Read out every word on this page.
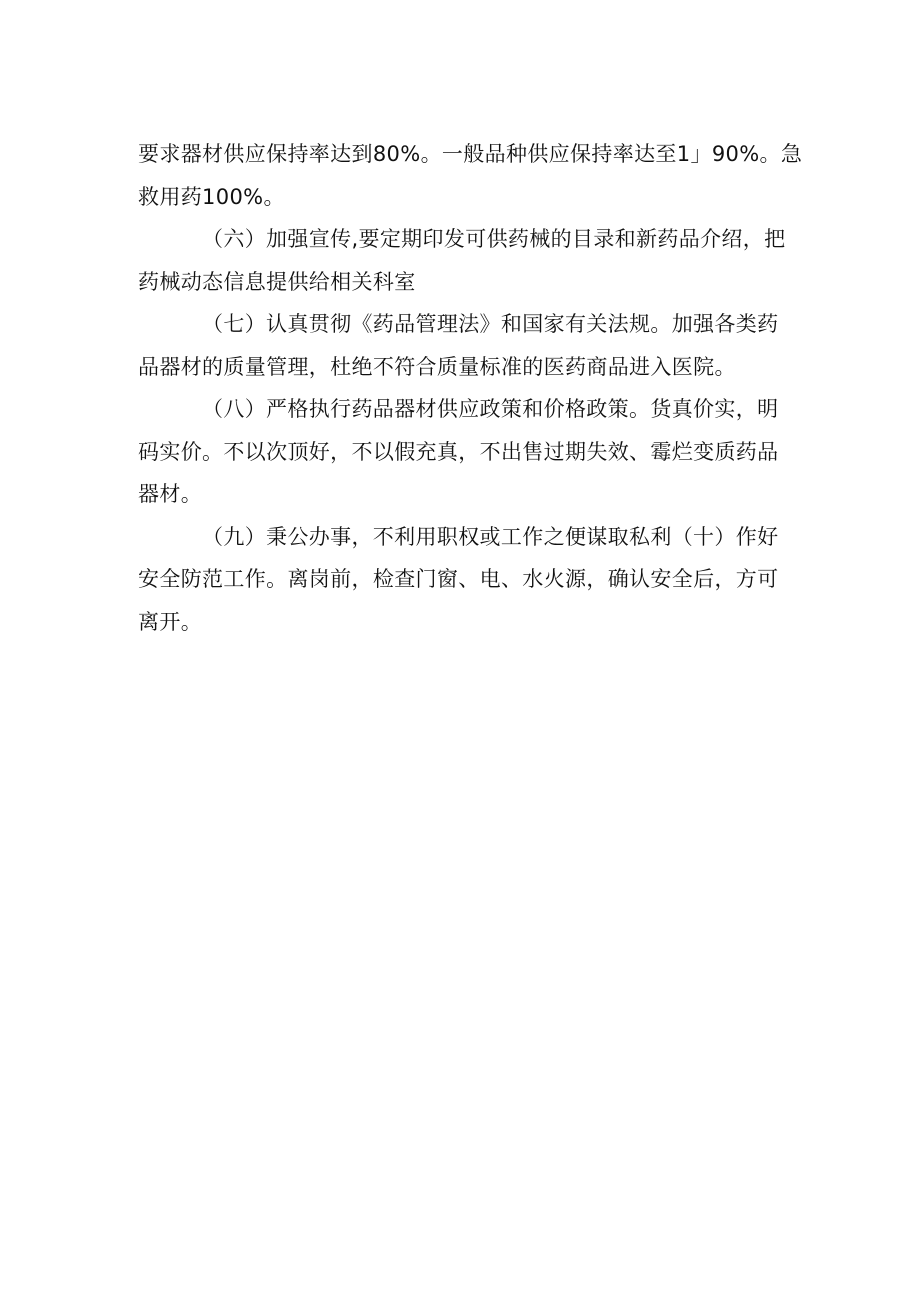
要求器材供应保持率达到80%。一般品种供应保持率达至1」90%。急
救用药100%。

（六）加强宣传,要定期印发可供药械的目录和新药品介绍，把
药械动态信息提供给相关科室

（七）认真贯彻《药品管理法》和国家有关法规。加强各类药
品器材的质量管理，杜绝不符合质量标准的医药商品进入医院。

（八）严格执行药品器材供应政策和价格政策。货真价实，明
码实价。不以次顶好，不以假充真，不出售过期失效、霉烂变质药品
器材。

（九）秉公办事，不利用职权或工作之便谋取私利（十）作好
安全防范工作。离岗前，检查门窗、电、水火源，确认安全后，方可
离开。
